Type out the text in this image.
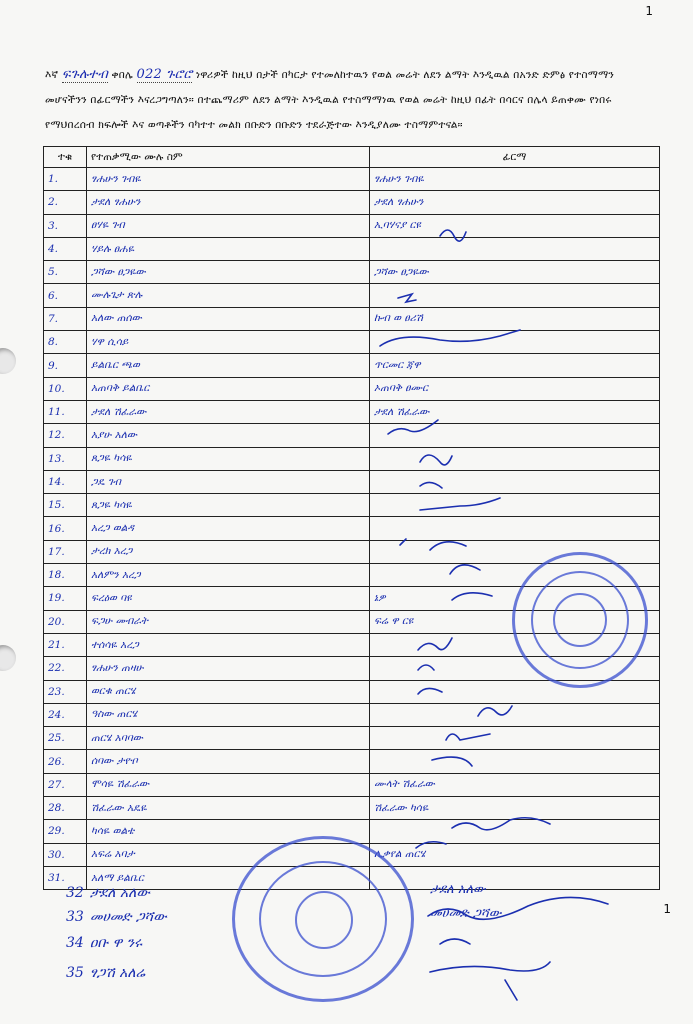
1
1
እኛ ፍጉሉተብ ቀበሌ 022 ጉሮሮ ነዋሪዎች ከዚህ በታች በካርታ የተመለከተዉን የወል መሬት ለደን ልማት እንዲዉል በአንድ ድምፅ የተስማማን መሆናችንን በፊርማችን እናረጋግጣለን። በተጨማሪም ለደን ልማት እንዲዉል የተስማማነዉ የወል መሬት ከዚህ በፊት በሳርና በሌላ ይጠቀሙ የነበሩ የማህበረሰብ ክፍሎች እና ወጣቶችን ባካተተ መልክ በቡድን በቡድን ተደራጅተው እንዲያለሙ ተስማምተናል።
ተቁ	የተጠቃሚው ሙሉ ስም	ፊርማ
1.	ፃሐሁን ገብዬ	ፃሐሁን ገብዬ
2.	ታደለ ፃሐሁን	ታደለ ፃሐሁን
3.	ፀሃዬ ገብ	ኢባሃናያ ርዩ
4.	ሃይሉ ፀሐዬ	
5.	ጋሻው ፀጋዬው	ጋሻው ፀጋዬው
6.	ሙሉጌታ ጽሉ	
7.	አለው ጠሰው	ኩብ ወ ፀሪሽ
8.	ሃዋ ሲሳይ	
9.	ይልቤር ጫወ	ጥርመር ጃዋ
10.	አጠባቅ ይልቤር	ኦጠባቅ ፀሙር
11.	ታደለ ሽፈራው	ታደለ ሽፈራው
12.	አያሁ አለው	
13.	ጸጋዬ ካሳዬ	
14.	ጋዴ ገብ	
15.	ጸጋዬ ካሳዬ	
16.	አረጋ ወልዳ	
17.	ታረክ አረጋ	
18.	አለምን አረጋ	
19.	ፍረዕወ ባዩ	ኔዎ
20.	ፍጋሁ መብራት	ፍሬ ዋ ርዩ
21.	ተሰሳዬ አረጋ	
22.	ፃሐሁን ጠዛሁ	
23.	ወርቁ ጠርሄ	
24.	ዓስው ጠርሄ	
25.	ጠርሄ አባባው	
26.	ሰባው ታዮቦ	
27.	ሞሳዬ ሽፈራው	ሙላት ሽፈራው
28.	ሽፈራው አዴዬ	ሽፈራው ካሳዬ
29.	ካሳዬ ወልቴ	
30.	አፍሬ አባታ	ሊቃየል ጠርሄ
31.	አለማ ይልቤር	
32 ታደለ አለው	ታደለ አለው
33 መሀመድ ጋሻው	መሀመድ ጋሻው
34 ዐቡ ዋ ንሩ
35 ፃጋሽ አለሬ
